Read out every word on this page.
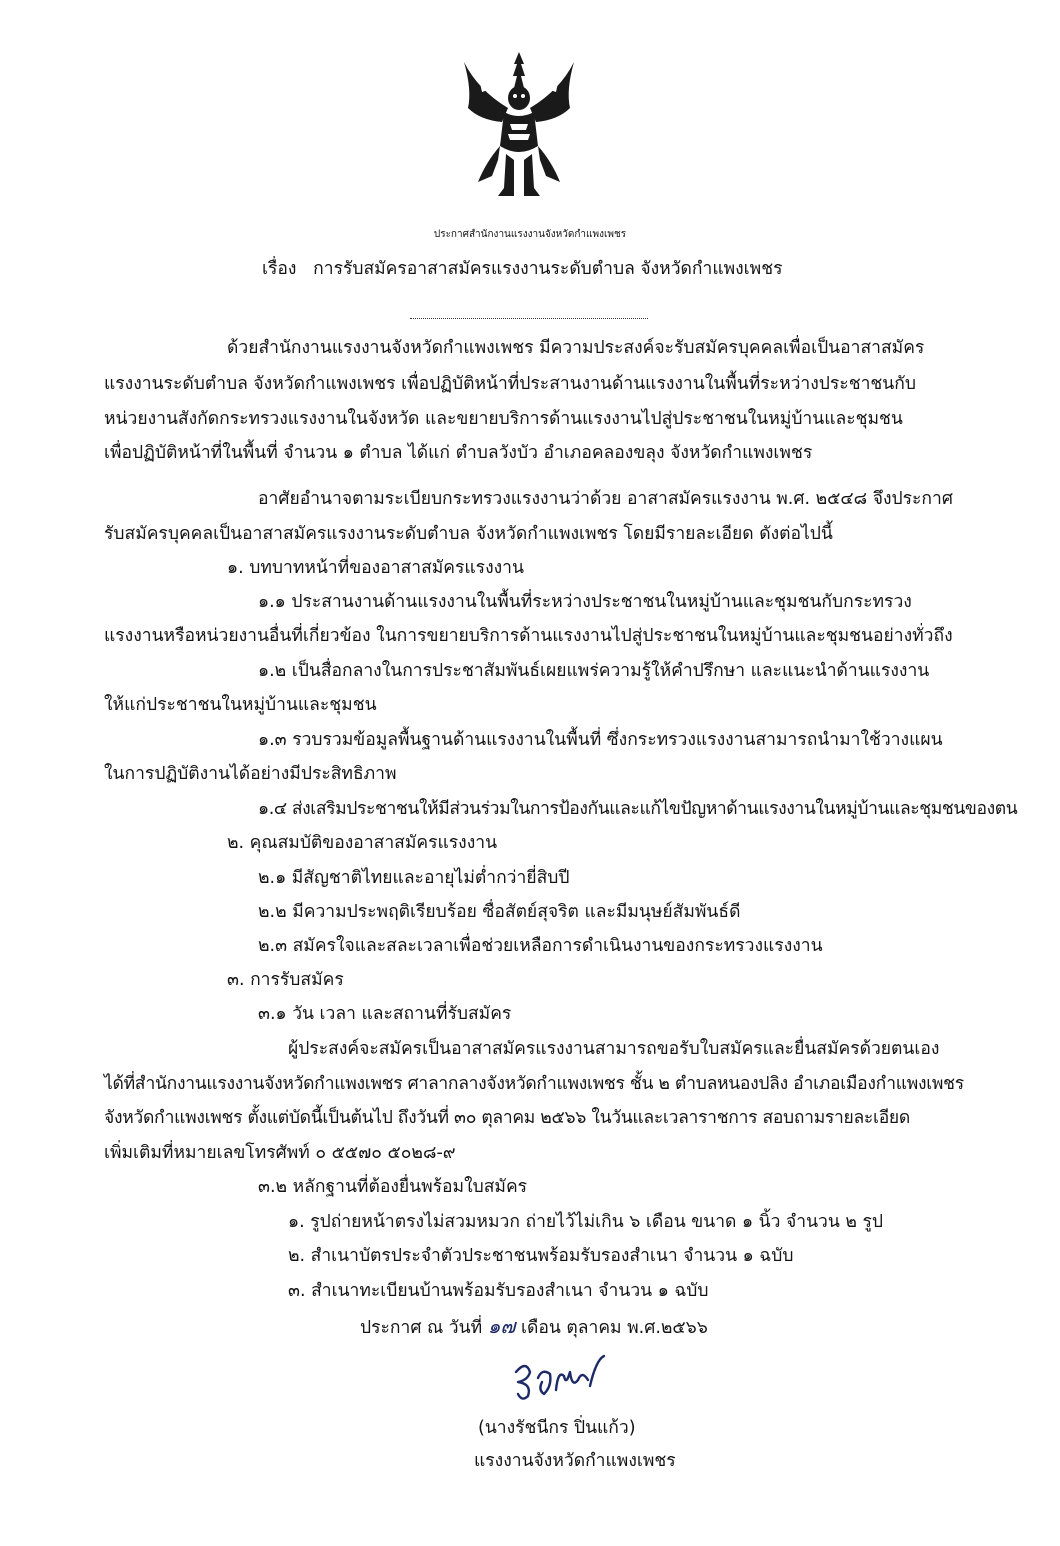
ประกาศสำนักงานแรงงานจังหวัดกำแพงเพชร
เรื่อง การรับสมัครอาสาสมัครแรงงานระดับตำบล จังหวัดกำแพงเพชร
ด้วยสำนักงานแรงงานจังหวัดกำแพงเพชร มีความประสงค์จะรับสมัครบุคคลเพื่อเป็นอาสาสมัคร
แรงงานระดับตำบล จังหวัดกำแพงเพชร เพื่อปฏิบัติหน้าที่ประสานงานด้านแรงงานในพื้นที่ระหว่างประชาชนกับ
หน่วยงานสังกัดกระทรวงแรงงานในจังหวัด และขยายบริการด้านแรงงานไปสู่ประชาชนในหมู่บ้านและชุมชน
เพื่อปฏิบัติหน้าที่ในพื้นที่ จำนวน ๑ ตำบล ได้แก่ ตำบลวังบัว อำเภอคลองขลุง จังหวัดกำแพงเพชร
อาศัยอำนาจตามระเบียบกระทรวงแรงงานว่าด้วย อาสาสมัครแรงงาน พ.ศ. ๒๕๔๘ จึงประกาศ
รับสมัครบุคคลเป็นอาสาสมัครแรงงานระดับตำบล จังหวัดกำแพงเพชร โดยมีรายละเอียด ดังต่อไปนี้
๑. บทบาทหน้าที่ของอาสาสมัครแรงงาน
๑.๑ ประสานงานด้านแรงงานในพื้นที่ระหว่างประชาชนในหมู่บ้านและชุมชนกับกระทรวง
แรงงานหรือหน่วยงานอื่นที่เกี่ยวข้อง ในการขยายบริการด้านแรงงานไปสู่ประชาชนในหมู่บ้านและชุมชนอย่างทั่วถึง
๑.๒ เป็นสื่อกลางในการประชาสัมพันธ์เผยแพร่ความรู้ให้คำปรึกษา และแนะนำด้านแรงงาน
ให้แก่ประชาชนในหมู่บ้านและชุมชน
๑.๓ รวบรวมข้อมูลพื้นฐานด้านแรงงานในพื้นที่ ซึ่งกระทรวงแรงงานสามารถนำมาใช้วางแผน
ในการปฏิบัติงานได้อย่างมีประสิทธิภาพ
๑.๔ ส่งเสริมประชาชนให้มีส่วนร่วมในการป้องกันและแก้ไขปัญหาด้านแรงงานในหมู่บ้านและชุมชนของตน
๒. คุณสมบัติของอาสาสมัครแรงงาน
๒.๑ มีสัญชาติไทยและอายุไม่ต่ำกว่ายี่สิบปี
๒.๒ มีความประพฤติเรียบร้อย ซื่อสัตย์สุจริต และมีมนุษย์สัมพันธ์ดี
๒.๓ สมัครใจและสละเวลาเพื่อช่วยเหลือการดำเนินงานของกระทรวงแรงงาน
๓. การรับสมัคร
๓.๑ วัน เวลา และสถานที่รับสมัคร
ผู้ประสงค์จะสมัครเป็นอาสาสมัครแรงงานสามารถขอรับใบสมัครและยื่นสมัครด้วยตนเอง
ได้ที่สำนักงานแรงงานจังหวัดกำแพงเพชร ศาลากลางจังหวัดกำแพงเพชร ชั้น ๒ ตำบลหนองปลิง อำเภอเมืองกำแพงเพชร
จังหวัดกำแพงเพชร ตั้งแต่บัดนี้เป็นต้นไป ถึงวันที่ ๓๐ ตุลาคม ๒๕๖๖ ในวันและเวลาราชการ สอบถามรายละเอียด
เพิ่มเติมที่หมายเลขโทรศัพท์ ๐ ๕๕๗๐ ๕๐๒๘-๙
๓.๒ หลักฐานที่ต้องยื่นพร้อมใบสมัคร
๑. รูปถ่ายหน้าตรงไม่สวมหมวก ถ่ายไว้ไม่เกิน ๖ เดือน ขนาด ๑ นิ้ว จำนวน ๒ รูป
๒. สำเนาบัตรประจำตัวประชาชนพร้อมรับรองสำเนา จำนวน ๑ ฉบับ
๓. สำเนาทะเบียนบ้านพร้อมรับรองสำเนา จำนวน ๑ ฉบับ
ประกาศ ณ วันที่ ๑๗ เดือน ตุลาคม พ.ศ.๒๕๖๖
(นางรัชนีกร ปิ่นแก้ว)
แรงงานจังหวัดกำแพงเพชร
